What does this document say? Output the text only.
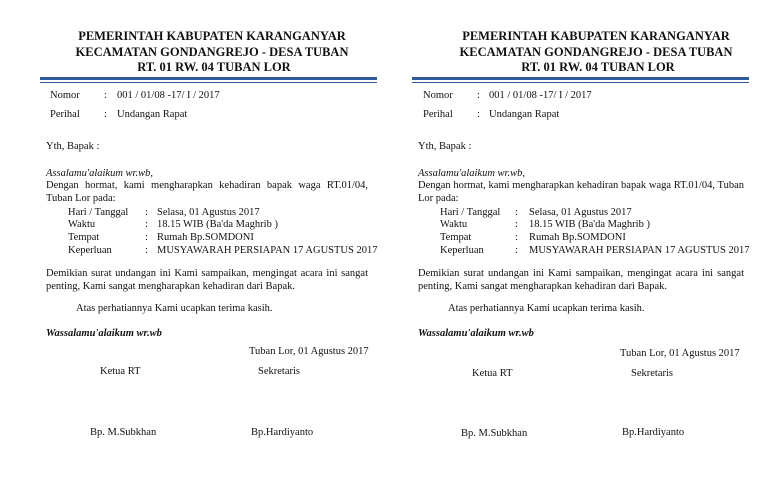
PEMERINTAH KABUPATEN KARANGANYAR
KECAMATAN GONDANGREJO - DESA TUBAN
RT. 01 RW. 04 TUBAN LOR
Nomor : 001 / 01/08 -17/ I / 2017
Perihal : Undangan Rapat
Yth, Bapak :
Assalamu'alaikum wr.wb,
Dengan hormat, kami mengharapkan kehadiran bapak waga RT.01/04, Tuban Lor pada:
Hari / Tanggal : Selasa, 01 Agustus 2017
Waktu	: 18.15 WIB (Ba'da Maghrib )
Tempat	: Rumah Bp.SOMDONI
Keperluan	: MUSYAWARAH PERSIAPAN 17 AGUSTUS 2017
Demikian surat undangan ini Kami sampaikan, mengingat acara ini sangat penting, Kami sangat mengharapkan kehadiran dari Bapak.
Atas perhatiannya Kami ucapkan terima kasih.
Wassalamu'alaikum wr.wb
Tuban Lor, 01 Agustus 2017
Ketua RT	Sekretaris
Bp. M.Subkhan	Bp.Hardiyanto
PEMERINTAH KABUPATEN KARANGANYAR
KECAMATAN GONDANGREJO - DESA TUBAN
RT. 01 RW. 04 TUBAN LOR
Nomor : 001 / 01/08 -17/ I / 2017
Perihal : Undangan Rapat
Yth, Bapak :
Assalamu'alaikum wr.wb,
Dengan hormat, kami mengharapkan kehadiran bapak waga RT.01/04, Tuban Lor pada:
Hari / Tanggal : Selasa, 01 Agustus 2017
Waktu	: 18.15 WIB (Ba'da Maghrib )
Tempat	: Rumah Bp.SOMDONI
Keperluan	: MUSYAWARAH PERSIAPAN 17 AGUSTUS 2017
Demikian surat undangan ini Kami sampaikan, mengingat acara ini sangat penting, Kami sangat mengharapkan kehadiran dari Bapak.
Atas perhatiannya Kami ucapkan terima kasih.
Wassalamu'alaikum wr.wb
Tuban Lor, 01 Agustus 2017
Ketua RT	Sekretaris
Bp. M.Subkhan	Bp.Hardiyanto
